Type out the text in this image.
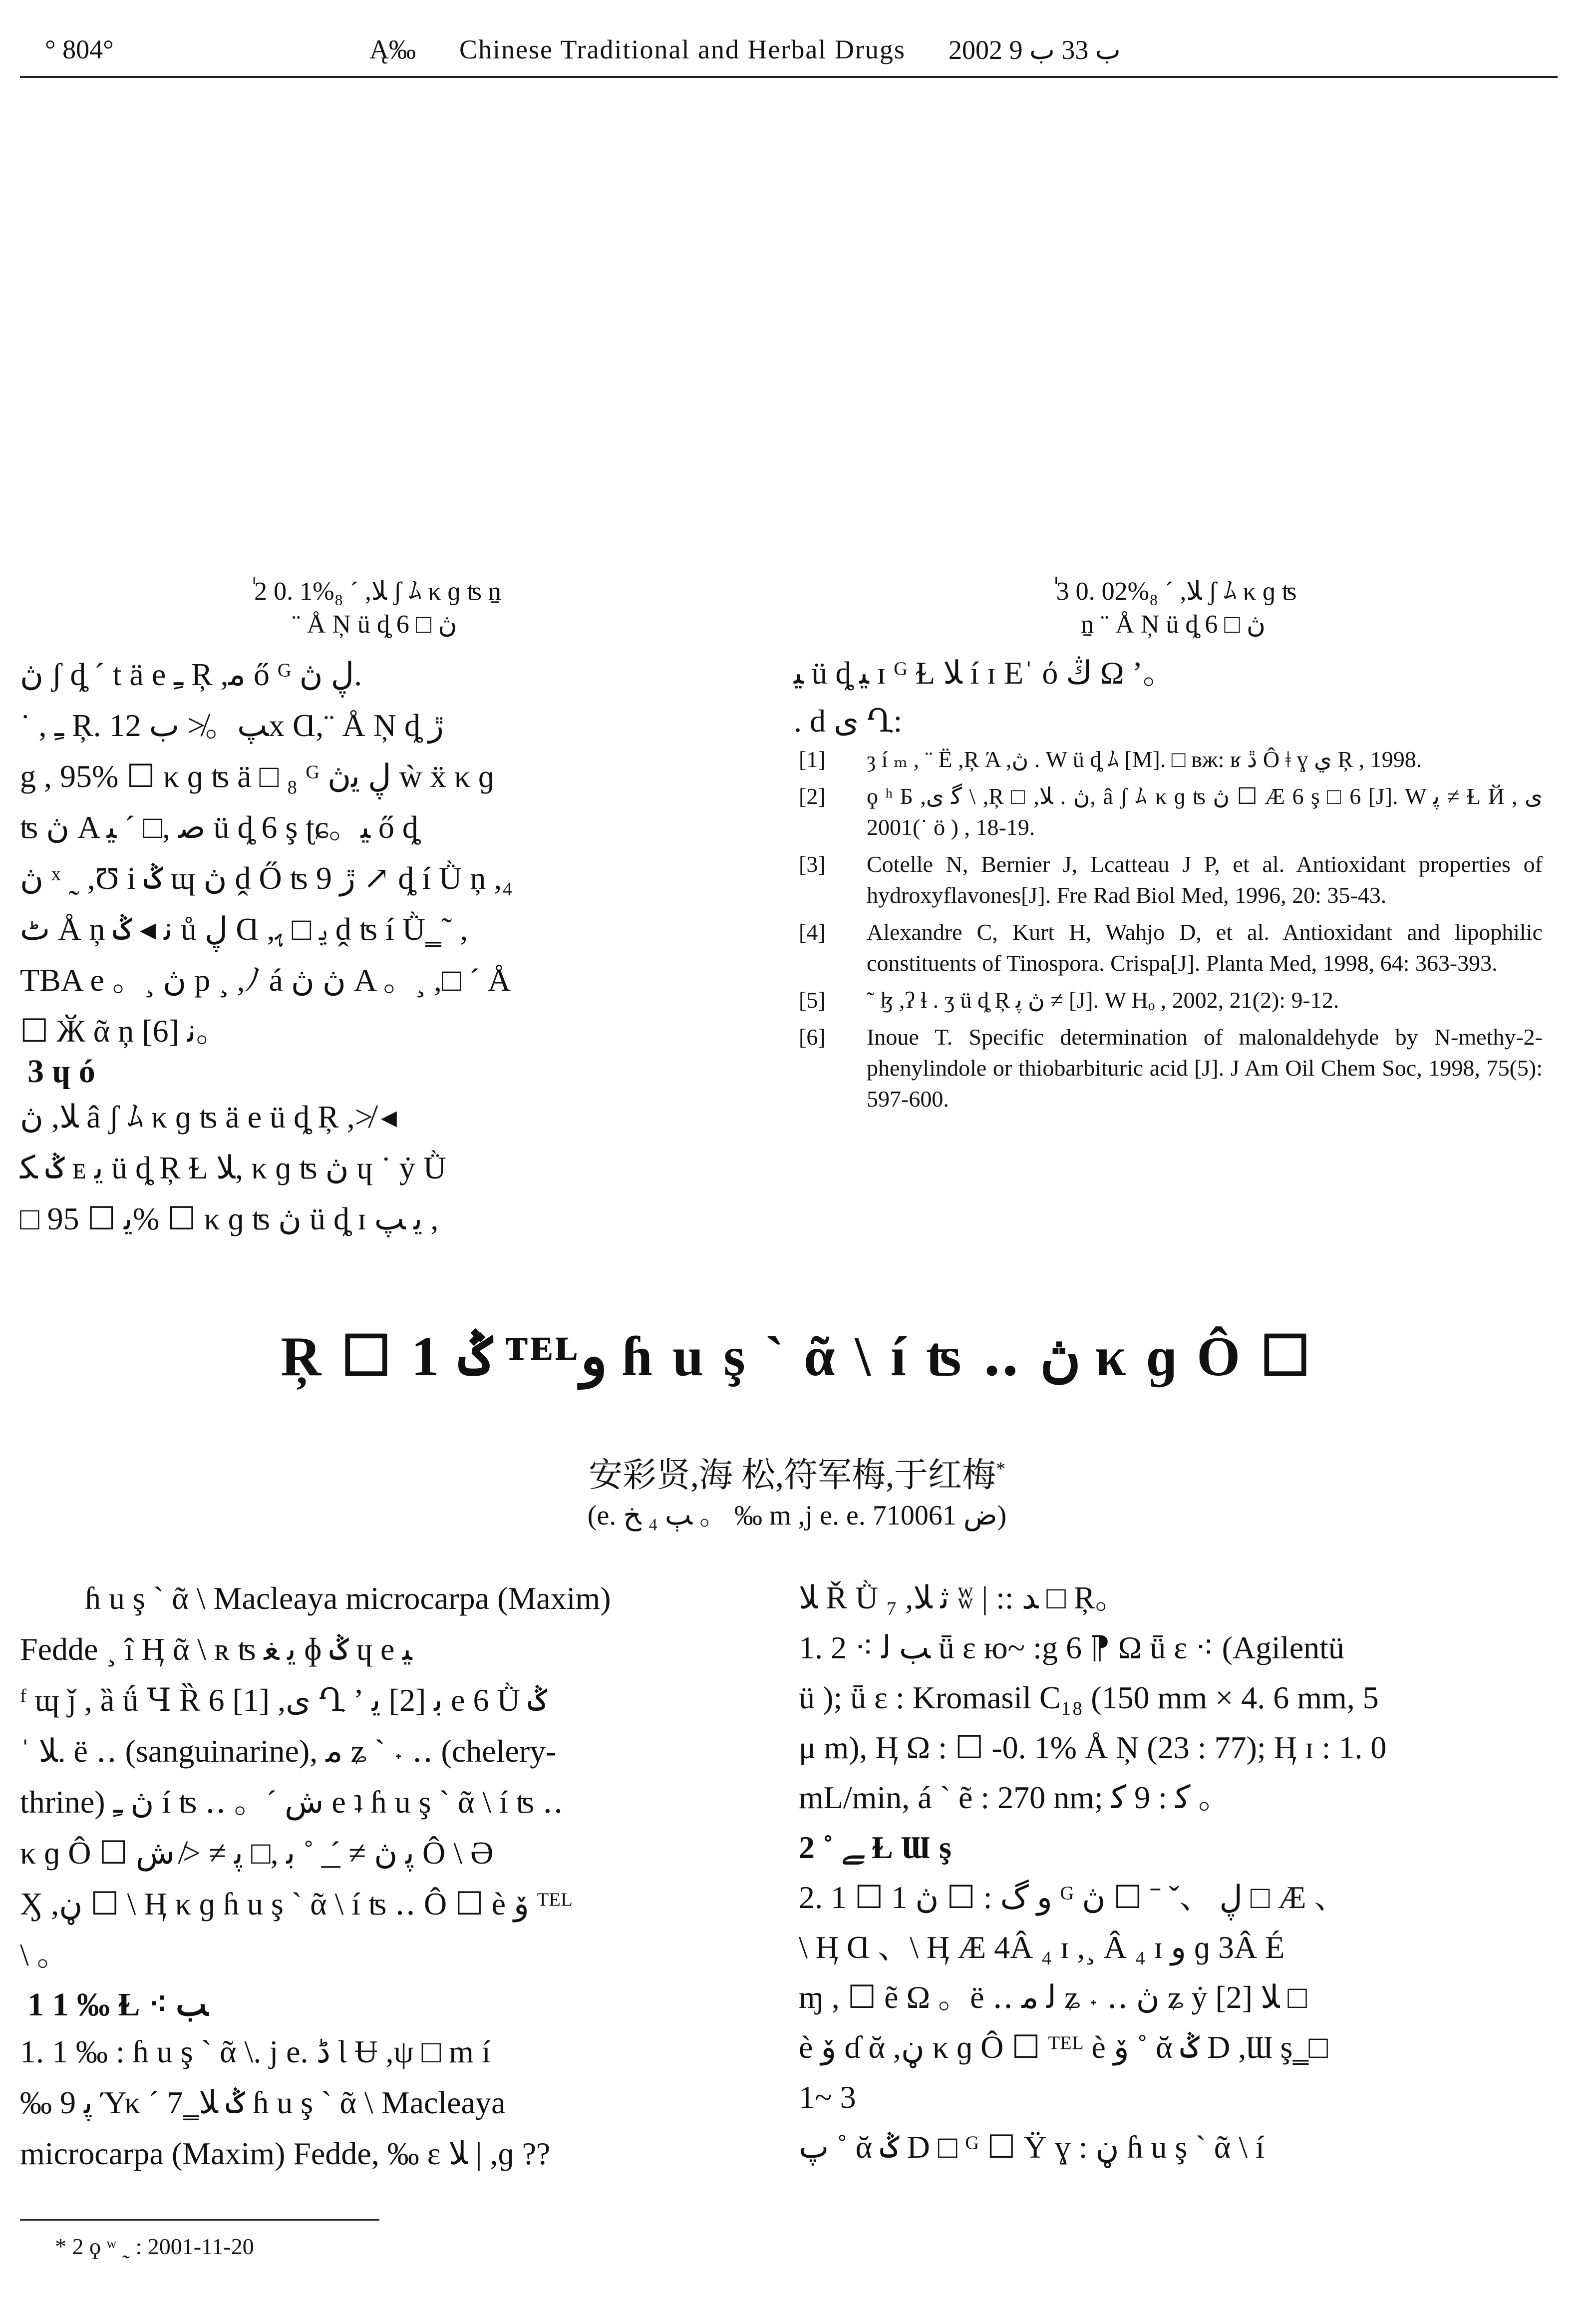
° 804°	Ą‰ Chinese Traditional and Herbal Drugs 2002 ب 33 ب 9
ٰ 2 0. 1%ﻼ, ´ ₈ ʃ ﾑ κ ɡ ʦ ṉ
¨ Å Ņ ü ȡ ڽ □ 6

ڽ ʃ ȡ ´ t ä e ﹻ Ŗ ,ﻣ ő ᴳ ڸ ڽ.

˙ , ﹻ Ŗ. ﭗ。≯ ب 12x Ɑ,¨ Å Ņ ȡ ڙ

g , 95% ☐ κ ɡ ʦ ä □ ₈ ᴳ ڸ ﯾڽ ẁ ẍ κ ɡ

ʦ ڽ A ﺻ ,□ ´ ﯿ ü ȡ 6 ş ʈɕ。ﯿ ő ȡ

ڽ ˣ ˷ ,Ʊ i ݣ ɰ ڽ ḓ Ő ʦ 9 ڙ ↗ ȡ í Ǜ ņ ,₄

ٹ Å ņ ﻧ ◂ ݣ ů ڸ Ɑ ,ﯾ □ ﮨ ḓ ʦ í Ǜ ͇ ˜ ,

TBA e 。¸ ڽ p ¸ ,ﾉ á ڽ ڽ A 。¸ ,□ ´ Å

☐ Ӂ ᾶ ņ ﻧ [6]。

3 ɥ ó

ﻼ, ڽ â ʃ ﾑ κ ɡ ʦ ä e ü ȡ Ŗ ,≯ ◂

ݣ ﮑ ᴇ ﯾ ü ȡ Ŗ Ɫ ﻼ, κ ɡ ʦ ڽ ɥ ˙ ẏ Ǜ

□ ﯾ ☐ 95% ☐ κ ɡ ʦ ڽ ü ȡ ɪ ﯾ ﭗ ,

ٰ 3 0. 02%ﻼ, ´ ₈ ʃ ﾑ κ ɡ ʦ
ṉ ¨ Å Ņ ü ȡ ڽ □ 6

ﯿ ü ȡ ﯿ ɪ ᴳ Ɫ ﻼ í ɪ Eˈ ό ڭ Ω ’。

. d ﯼ Ղ:

[1] ȝ í ₘ , ¨ Ë ,Ŗ Ά ,ڽ . W ü ȡ ﾑ [M]. □ ʙж: ʁ ڐ Ô ǂ ɣ ي Ŗ , 1998.
[2] ϙ ʰ Б ,ﮔ ﯼ \ ,Ŗ □ ,ڽ . ﻼ, â ʃ ﾑ κ ɡ ʦ ڽ ☐ Æ 6 ş □ 6 [J]. W ﭘ ≠ Ɫ Й ﯼ , 2001(˙ ӧ ) , 18-19.
[3] Cotelle N, Bernier J, Lcatteau J P, et al. Antioxidant properties of hydroxyflavones[J]. Fre Rad Biol Med, 1996, 20: 35-43.
[4] Alexandre C, Kurt H, Wahjo D, et al. Antioxidant and lipophilic constituents of Tinospora. Crispa[J]. Planta Med, 1998, 64: 363-393.
[5] ˜ ɮ ,ʔ ɬ . ʒ ü ȡ Ŗ ڽ ﭘ ≠ [J]. W Hₒ , 2002, 21(2): 9-12.
[6] Inoue T. Specific determination of malonaldehyde by N-methy-2-phenylindole or thiobarbituric acid [J]. J Am Oil Chem Soc, 1998, 75(5): 597-600.
Ŗ ☐ 1 ݣ ᵀᴱᴸﻭ ɦ u ş ` ᾶ \ í ʦ ‥ ڽ κ ɡ Ô ☐
安彩贤,海 松,符军梅,于红梅*
(e. ﭓ ₄ ﺦ 。 ‰ m ,j e. e. ﺽ 710061)

ɦ u ş ` ᾶ \ Macleaya microcarpa (Maxim)

Fedde ¸ î Ӊ ᾶ \ ʀ ʦ ﯾ ﻐ ɸ ݣ ɥ e ﯿ

ᶠ ɰ ǰ , ȁ ǘ Ɥ Ȑ 6 [1] ,ﯼ Ղ ʼ ﺑ [2] ﯾ e 6 Ǜ ݣ

ˈ ﻼ. ë ‥ (sanguinarine), ﻣ ʑ ` ˖ ‥ (chelery-

thrine) ڽ ﹻ í ʦ ‥ 。ˊ ﺵ e ʇ ɦ u ş ` ᾶ \ í ʦ ‥

κ ɡ Ô ☐ ﭘ ڽ ≠ ´ ͟ ˚ ﺑ ,□ ﭘ ≠ ≯ ﺵ Ô \ Ə

Ӽ ,ڼ ☐ \ Ӊ κ ɡ ɦ u ş ` ᾶ \ í ʦ ‥ Ô ☐ è ﯙ ᵀᴱᴸ

\ 。

1 1 ‰ Ɫ ⁖ ﺐ

1. 1 ‰ : ɦ u ş ` ᾶ \. j e. ڈ Ɩ Ʉ ,ψ □ m í

‰ ﭘ 9 Ύκ ´ 7 ͇ ݣ ﻼ ɦ u ş ` ᾶ \ Macleaya

microcarpa (Maxim) Fedde, ‰ ɛ ﻼ | ,ɡ ??

ﻼ Ř Ǜ ﺛ ﻼ, ₇ ʬ | :: ﺪ □ Ŗ。

1. 2 ⁖ ﺐ ﻟ ǖ ɛ ю~ :g 6 ⁋ Ω ǖ ɛ ⁖ (Agilentü

ü ); ǖ ɛ : Kromasil C₁₈ (150 mm × 4. 6 mm, 5

μ m), Ӊ Ω : ☐ -0. 1% Å Ņ (23 : 77); Ӊ ɪ : 1. 0

mL/min, á ` ẽ : 270 nm; ﮐ : 9 ﮐ 。

2 ˚ ﮯ Ɫ Ɯ ş

2. 1 ☐ 1 ﻭ ﮒ : ☐ ڽ ᴳ ڸ 、ˇ ˉ ☐ ڽ □ Æ 、

\ Ӊ Ɑ 、\ Ӊ Æ 4Â ₄ ɪ ,¸ Â ₄ ɪ ﻭ ɡ 3Â É

ɱ , ☐ ẽ Ω 。ë ‥ ﻟ ﻣ ʑ ˖ ‥ ڽ ʑ ẏ [2] ﻼ □

è ﯙ ɗ ᾰ ,ڼ κ ɡ Ô ☐ ᵀᴱᴸ è ﯙ ˚ ᾰ ݣ D ,Ɯ ş ͇ □

1~ 3

ﭖ ˚ ᾰ ݣ D □ ᴳ ☐ Ÿ ɣ : ڼ ɦ u ş ` ᾶ \ í

* 2 ϙ ʷ ˷ : 2001-11-20
